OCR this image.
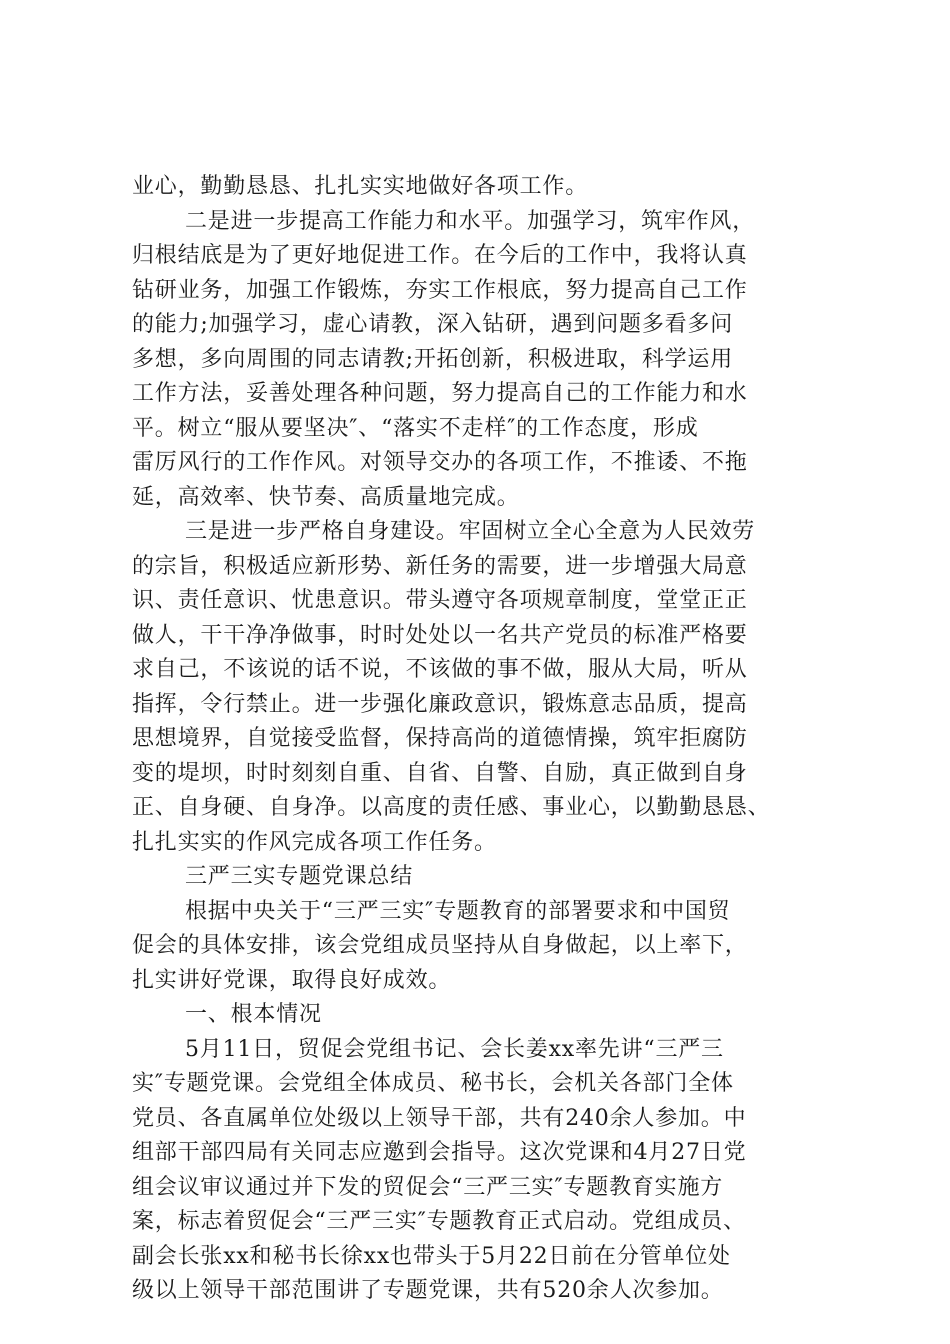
业心，勤勤恳恳、扎扎实实地做好各项工作。
二是进一步提高工作能力和水平。加强学习，筑牢作风，
归根结底是为了更好地促进工作。在今后的工作中，我将认真
钻研业务，加强工作锻炼，夯实工作根底，努力提高自己工作
的能力;加强学习，虚心请教，深入钻研，遇到问题多看多问
多想，多向周围的同志请教;开拓创新，积极进取，科学运用
工作方法，妥善处理各种问题，努力提高自己的工作能力和水
平。树立“服从要坚决″、“落实不走样″的工作态度，形成
雷厉风行的工作作风。对领导交办的各项工作，不推诿、不拖
延，高效率、快节奏、高质量地完成。
三是进一步严格自身建设。牢固树立全心全意为人民效劳
的宗旨，积极适应新形势、新任务的需要，进一步增强大局意
识、责任意识、忧患意识。带头遵守各项规章制度，堂堂正正
做人，干干净净做事，时时处处以一名共产党员的标准严格要
求自己，不该说的话不说，不该做的事不做，服从大局，听从
指挥，令行禁止。进一步强化廉政意识，锻炼意志品质，提高
思想境界，自觉接受监督，保持高尚的道德情操，筑牢拒腐防
变的堤坝，时时刻刻自重、自省、自警、自励，真正做到自身
正、自身硬、自身净。以高度的责任感、事业心，以勤勤恳恳、
扎扎实实的作风完成各项工作任务。
三严三实专题党课总结
根据中央关于“三严三实″专题教育的部署要求和中国贸
促会的具体安排，该会党组成员坚持从自身做起，以上率下，
扎实讲好党课，取得良好成效。
一、根本情况
5月11日，贸促会党组书记、会长姜xx率先讲“三严三
实″专题党课。会党组全体成员、秘书长，会机关各部门全体
党员、各直属单位处级以上领导干部，共有240余人参加。中
组部干部四局有关同志应邀到会指导。这次党课和4月27日党
组会议审议通过并下发的贸促会“三严三实″专题教育实施方
案，标志着贸促会“三严三实″专题教育正式启动。党组成员、
副会长张xx和秘书长徐xx也带头于5月22日前在分管单位处
级以上领导干部范围讲了专题党课，共有520余人次参加。
